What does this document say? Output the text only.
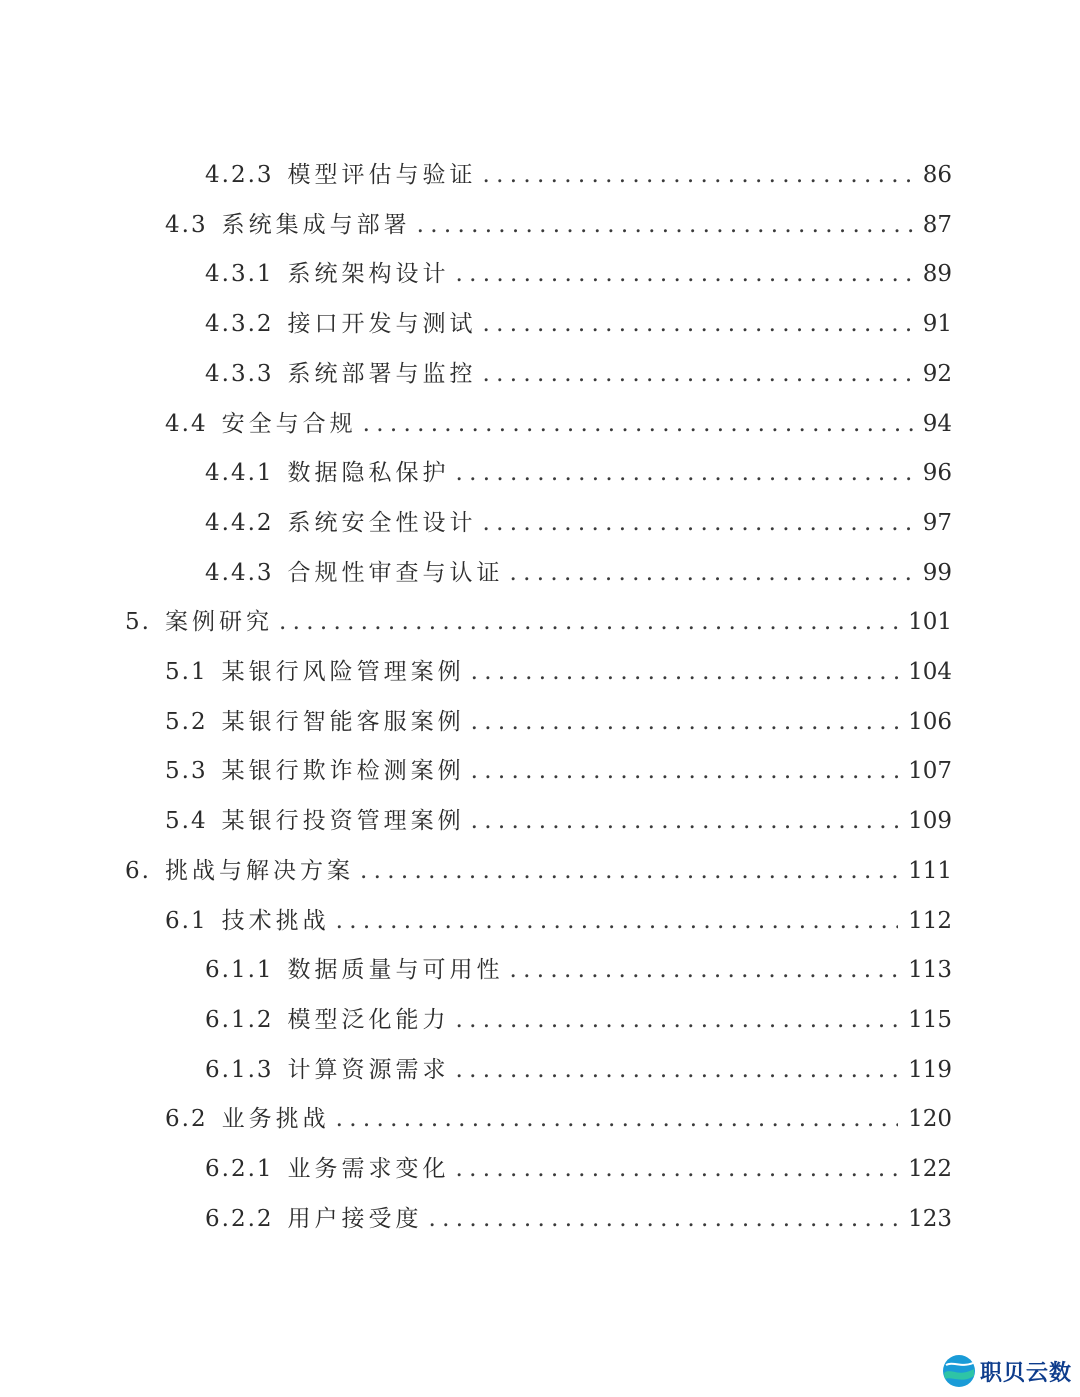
4.2.3 模型评估与验证 . . .	86
4.3 系统集成与部署 . . .	87
4.3.1 系统架构设计 . . .	89
4.3.2 接口开发与测试 . . .	91
4.3.3 系统部署与监控 . . .	92
4.4 安全与合规 . . .	94
4.4.1 数据隐私保护 . . .	96
4.4.2 系统安全性设计 . . .	97
4.4.3 合规性审查与认证 . . .	99
5. 案例研究 . . .	101
5.1 某银行风险管理案例 . . .	104
5.2 某银行智能客服案例 . . .	106
5.3 某银行欺诈检测案例 . . .	107
5.4 某银行投资管理案例 . . .	109
6. 挑战与解决方案 . . .	111
6.1 技术挑战 . . .	112
6.1.1 数据质量与可用性 . . .	113
6.1.2 模型泛化能力 . . .	115
6.1.3 计算资源需求 . . .	119
6.2 业务挑战 . . .	120
6.2.1 业务需求变化 . . .	122
6.2.2 用户接受度 . . .	123
职贝云数
